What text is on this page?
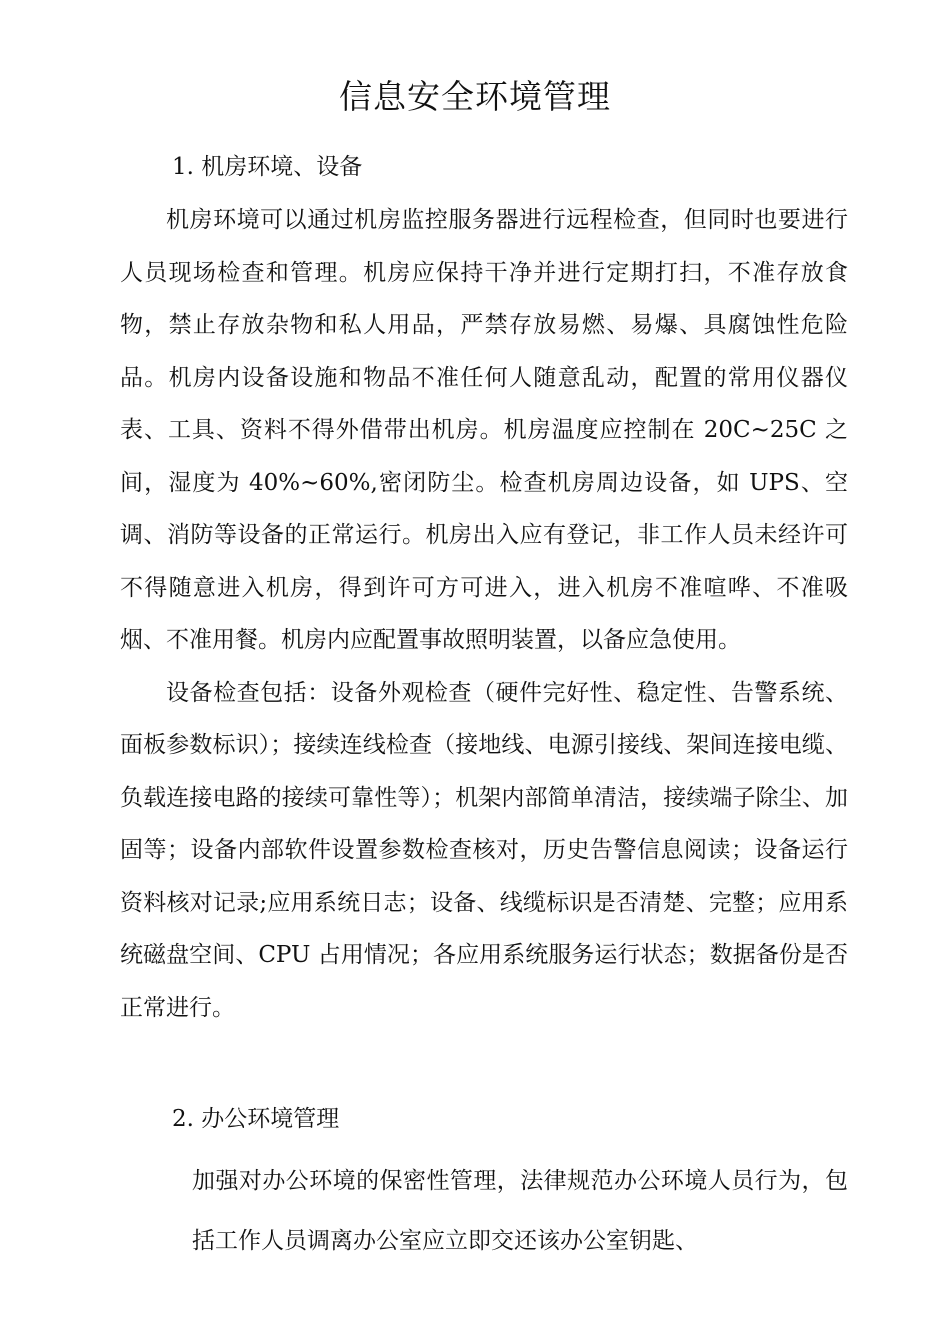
信息安全环境管理
1. 机房环境、设备

机房环境可以通过机房监控服务器进行远程检查，但同时也要进行人员现场检查和管理。机房应保持干净并进行定期打扫，不准存放食物，禁止存放杂物和私人用品，严禁存放易燃、易爆、具腐蚀性危险品。机房内设备设施和物品不准任何人随意乱动，配置的常用仪器仪表、工具、资料不得外借带出机房。机房温度应控制在 20C~25C 之间，湿度为 40%~60%,密闭防尘。检查机房周边设备，如 UPS、空调、消防等设备的正常运行。机房出入应有登记，非工作人员未经许可不得随意进入机房，得到许可方可进入，进入机房不准喧哗、不准吸烟、不准用餐。机房内应配置事故照明装置，以备应急使用。

设备检查包括：设备外观检查（硬件完好性、稳定性、告警系统、面板参数标识）；接续连线检查（接地线、电源引接线、架间连接电缆、负载连接电路的接续可靠性等）；机架内部简单清洁，接续端子除尘、加固等；设备内部软件设置参数检查核对，历史告警信息阅读；设备运行资料核对记录;应用系统日志；设备、线缆标识是否清楚、完整；应用系统磁盘空间、CPU 占用情况；各应用系统服务运行状态；数据备份是否正常进行。

2. 办公环境管理

加强对办公环境的保密性管理，法律规范办公环境人员行为，包括工作人员调离办公室应立即交还该办公室钥匙、
